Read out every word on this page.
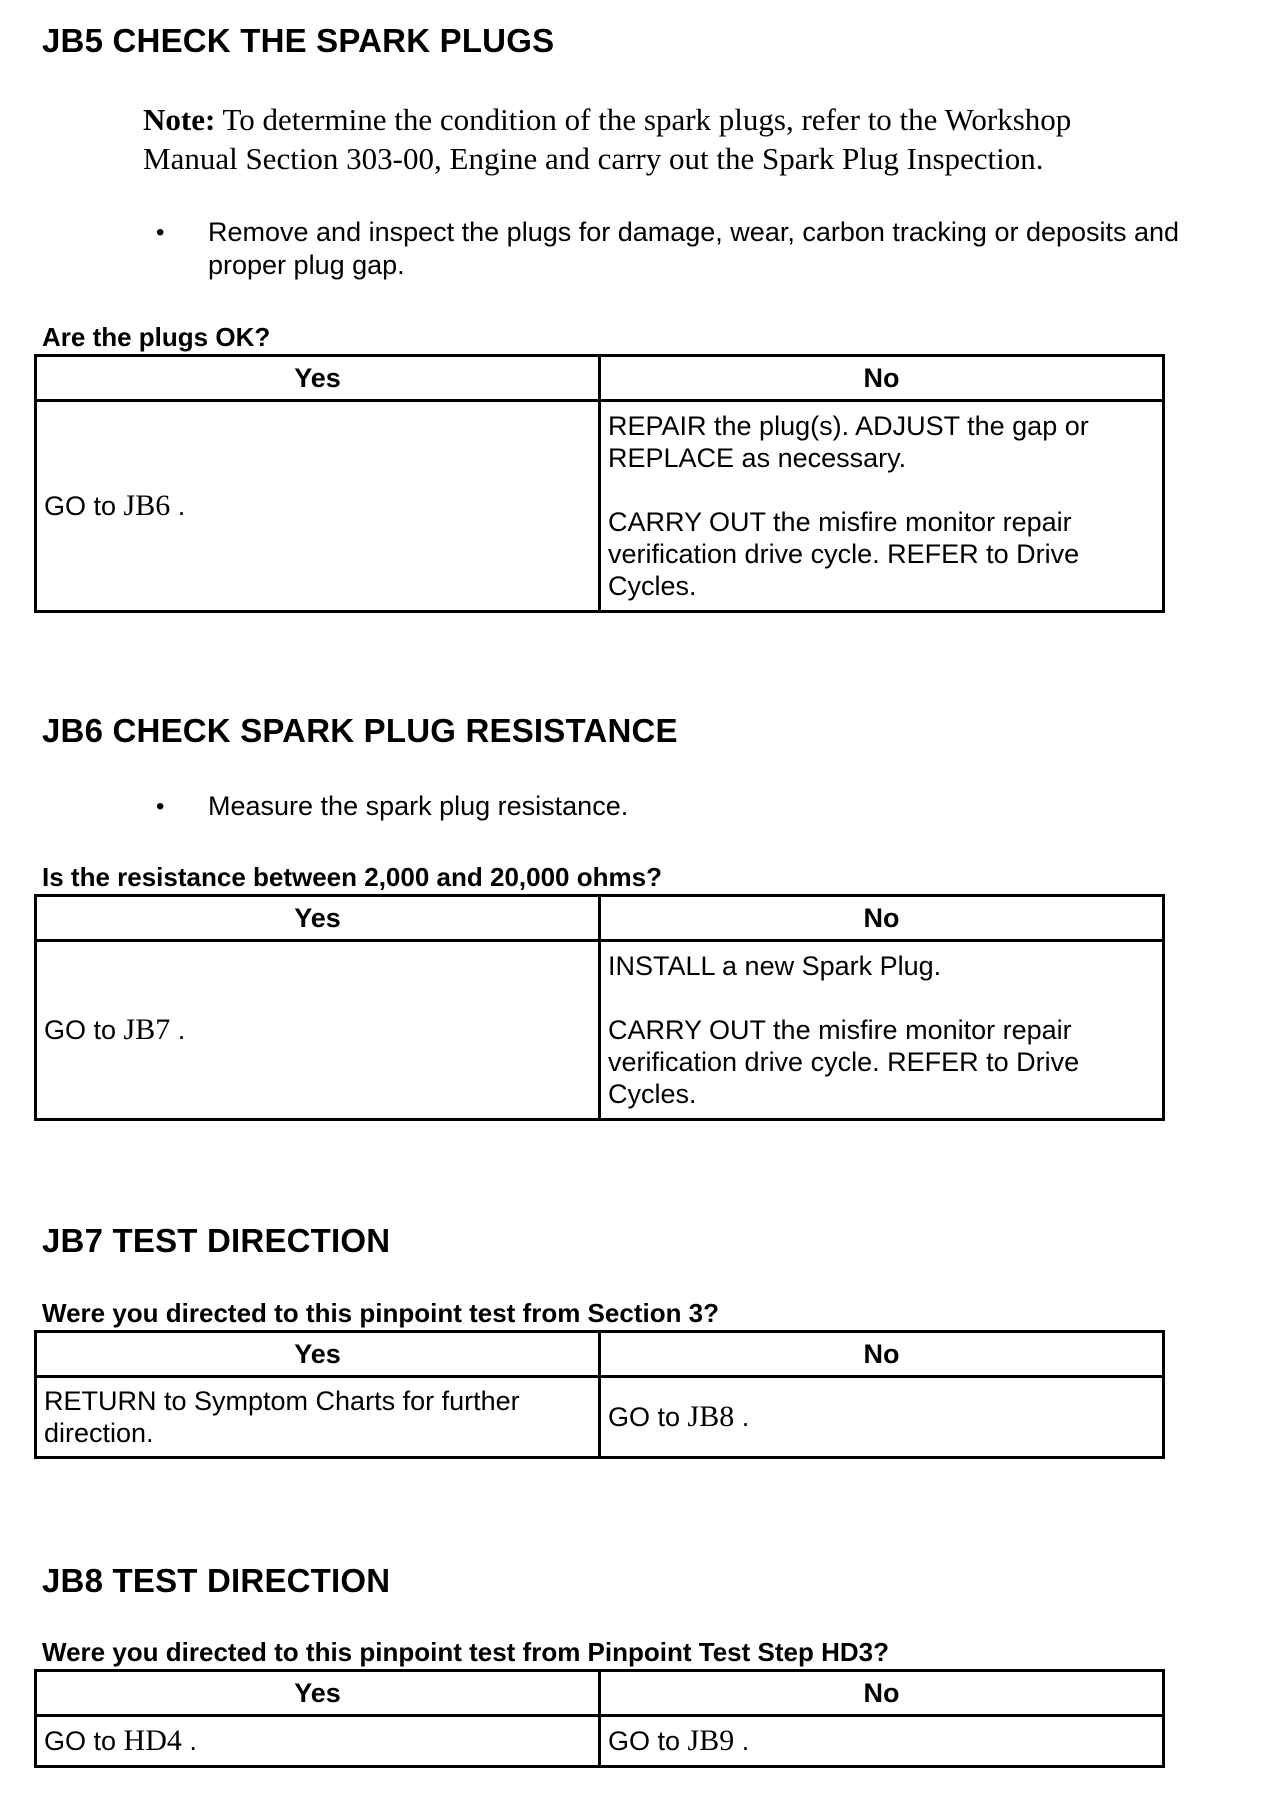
JB5 CHECK THE SPARK PLUGS

Note: To determine the condition of the spark plugs, refer to the Workshop Manual Section 303-00, Engine and carry out the Spark Plug Inspection.

• Remove and inspect the plugs for damage, wear, carbon tracking or deposits and proper plug gap.

Are the plugs OK?

Yes	No
GO to JB6 .	REPAIR the plug(s). ADJUST the gap or REPLACE as necessary.
CARRY OUT the misfire monitor repair verification drive cycle. REFER to Drive Cycles.
JB6 CHECK SPARK PLUG RESISTANCE

• Measure the spark plug resistance.

Is the resistance between 2,000 and 20,000 ohms?

Yes	No
GO to JB7 .	INSTALL a new Spark Plug.
CARRY OUT the misfire monitor repair verification drive cycle. REFER to Drive Cycles.
JB7 TEST DIRECTION

Were you directed to this pinpoint test from Section 3?

Yes	No
RETURN to Symptom Charts for further direction.	GO to JB8 .
JB8 TEST DIRECTION

Were you directed to this pinpoint test from Pinpoint Test Step HD3?

Yes	No
GO to HD4 .	GO to JB9 .
